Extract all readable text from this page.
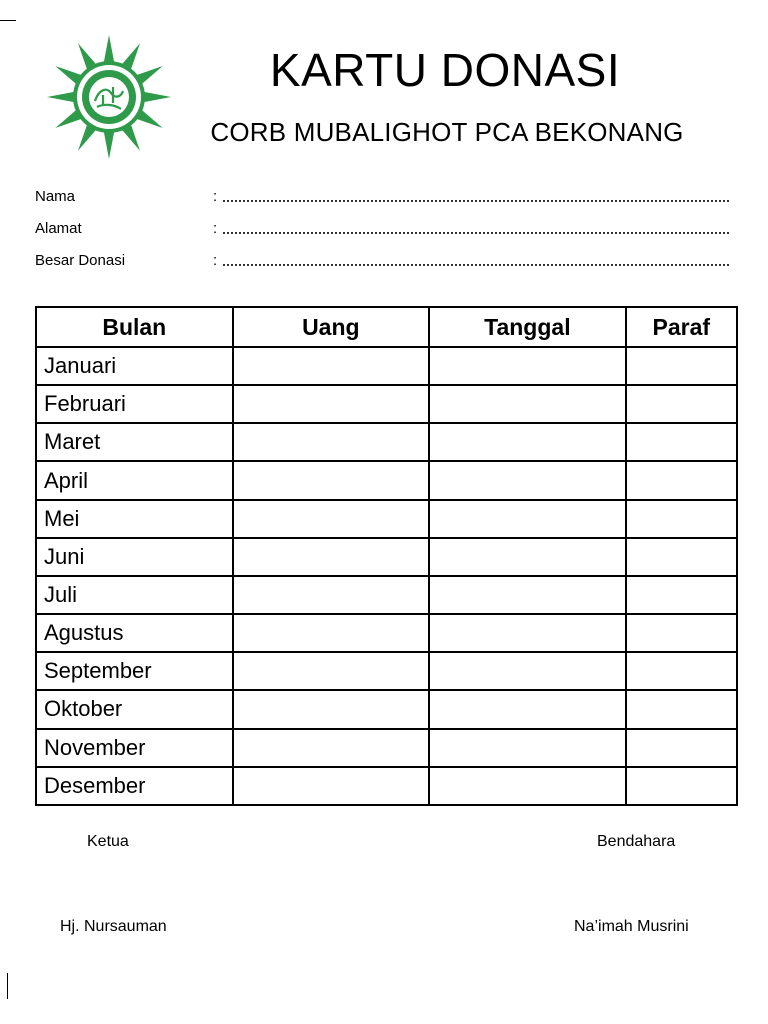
KARTU DONASI
CORB MUBALIGHOT PCA BEKONANG
Nama	:
Alamat	:
Besar Donasi	:
Bulan	Uang	Tanggal	Paraf
Januari			
Februari			
Maret			
April			
Mei			
Juni			
Juli			
Agustus			
September			
Oktober			
November			
Desember			
Ketua	Bendahara
Hj. Nursauman	Na’imah Musrini
